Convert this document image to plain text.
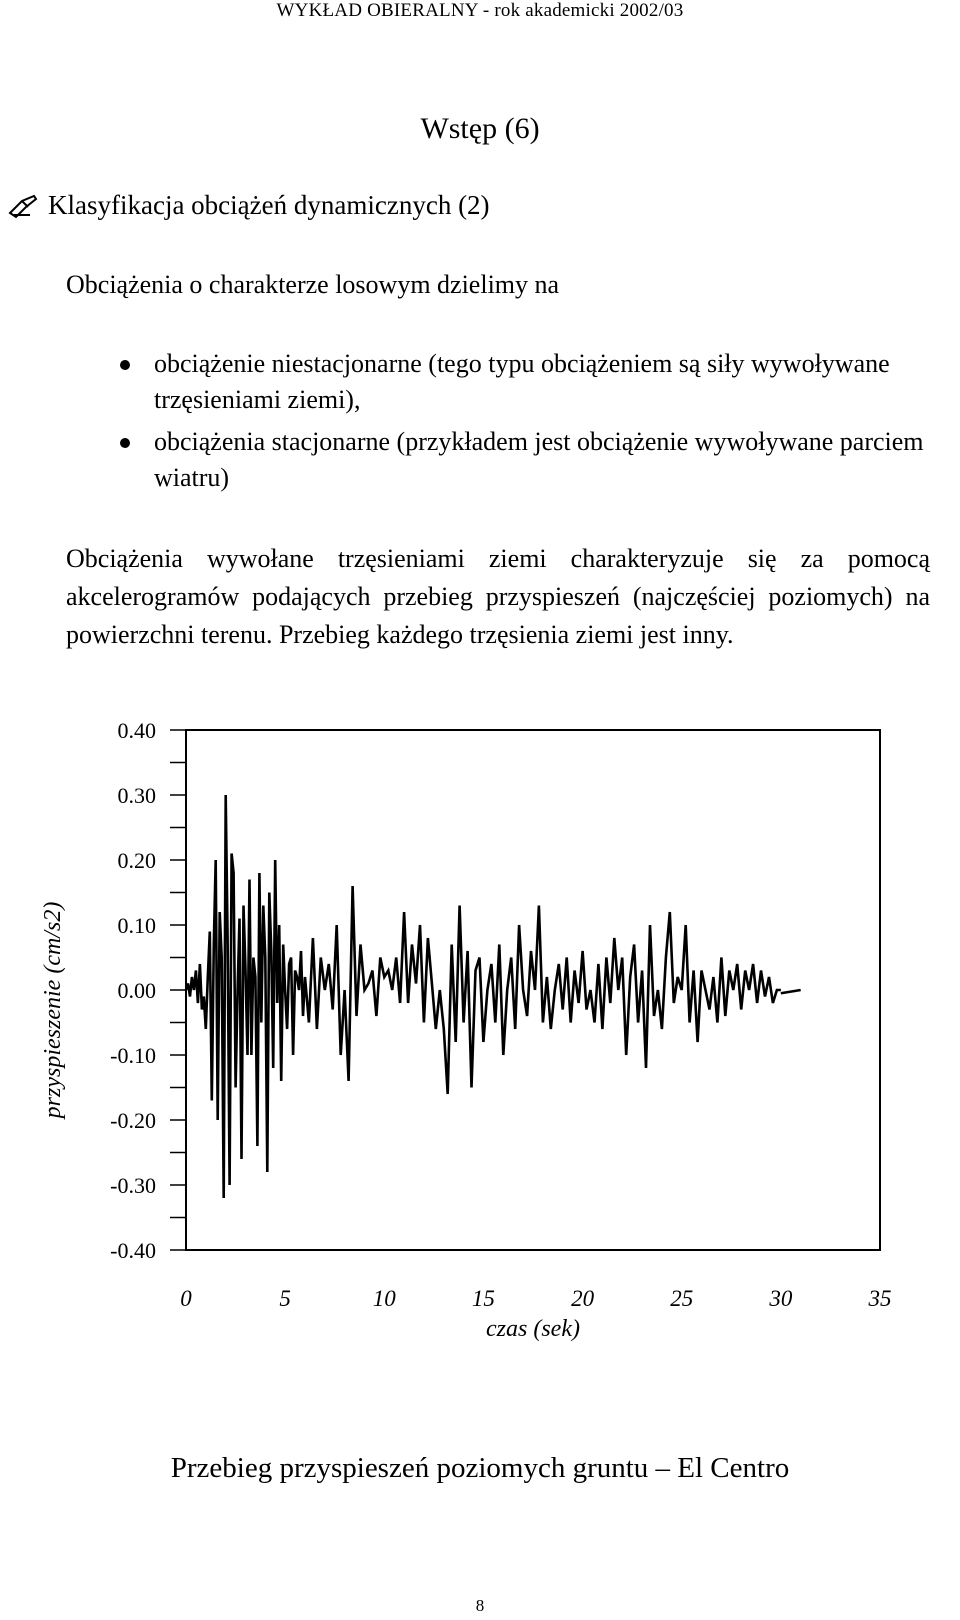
WYKŁAD OBIERALNY - rok akademicki 2002/03
Wstęp (6)
Klasyfikacja obciążeń dynamicznych (2)
Obciążenia o charakterze losowym dzielimy na
obciążenie niestacjonarne (tego typu obciążeniem są siły wywoływane trzęsieniami ziemi),
obciążenia stacjonarne (przykładem jest obciążenie wywoływane parciem wiatru)
Obciążenia wywołane trzęsieniami ziemi charakteryzuje się za pomocą akcelerogramów podających przebieg przyspieszeń (najczęściej poziomych) na powierzchni terenu. Przebieg każdego trzęsienia ziemi jest inny.
0.40
0.30
0.20
0.10
0.00
-0.10
-0.20
-0.30
-0.40
0	5	10	15	20	25	30	35
czas (sek)
przyspieszenie (cm/s2)
Przebieg przyspieszeń poziomych gruntu – El Centro
8
